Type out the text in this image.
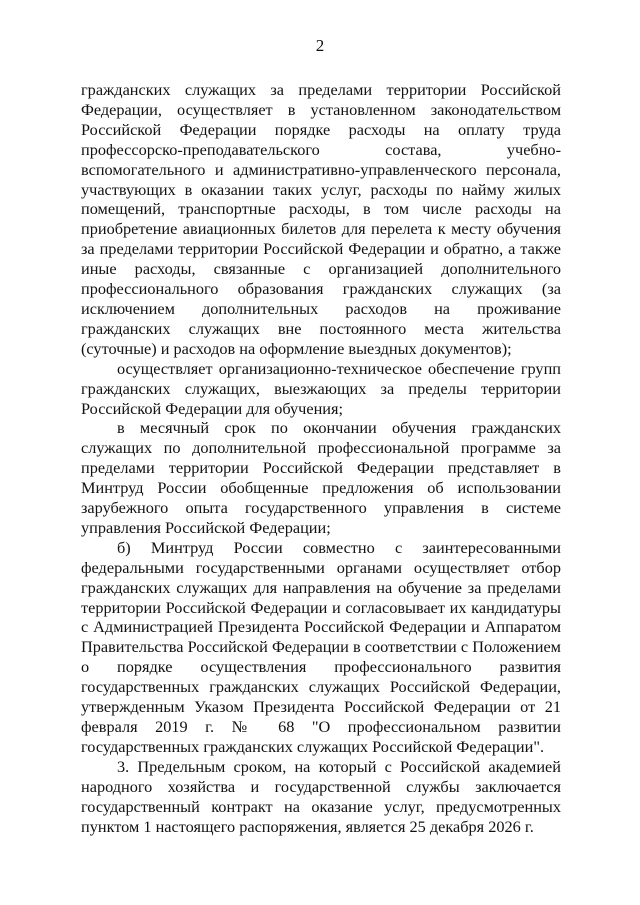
2

гражданских служащих за пределами территории Российской Федерации, осуществляет в установленном законодательством Российской Федерации порядке расходы на оплату труда профессорско-преподавательского состава, учебно-вспомогательного и административно-управленческого персонала, участвующих в оказании таких услуг, расходы по найму жилых помещений, транспортные расходы, в том числе расходы на приобретение авиационных билетов для перелета к месту обучения за пределами территории Российской Федерации и обратно, а также иные расходы, связанные с организацией дополнительного профессионального образования гражданских служащих (за исключением дополнительных расходов на проживание гражданских служащих вне постоянного места жительства (суточные) и расходов на оформление выездных документов);

осуществляет организационно-техническое обеспечение групп гражданских служащих, выезжающих за пределы территории Российской Федерации для обучения;

в месячный срок по окончании обучения гражданских служащих по дополнительной профессиональной программе за пределами территории Российской Федерации представляет в Минтруд России обобщенные предложения об использовании зарубежного опыта государственного управления в системе управления Российской Федерации;

б) Минтруд России совместно с заинтересованными федеральными государственными органами осуществляет отбор гражданских служащих для направления на обучение за пределами территории Российской Федерации и согласовывает их кандидатуры с Администрацией Президента Российской Федерации и Аппаратом Правительства Российской Федерации в соответствии с Положением о порядке осуществления профессионального развития государственных гражданских служащих Российской Федерации, утвержденным Указом Президента Российской Федерации от 21 февраля 2019 г. № 68 "О профессиональном развитии государственных гражданских служащих Российской Федерации".

3. Предельным сроком, на который с Российской академией народного хозяйства и государственной службы заключается государственный контракт на оказание услуг, предусмотренных пунктом 1 настоящего распоряжения, является 25 декабря 2026 г.
